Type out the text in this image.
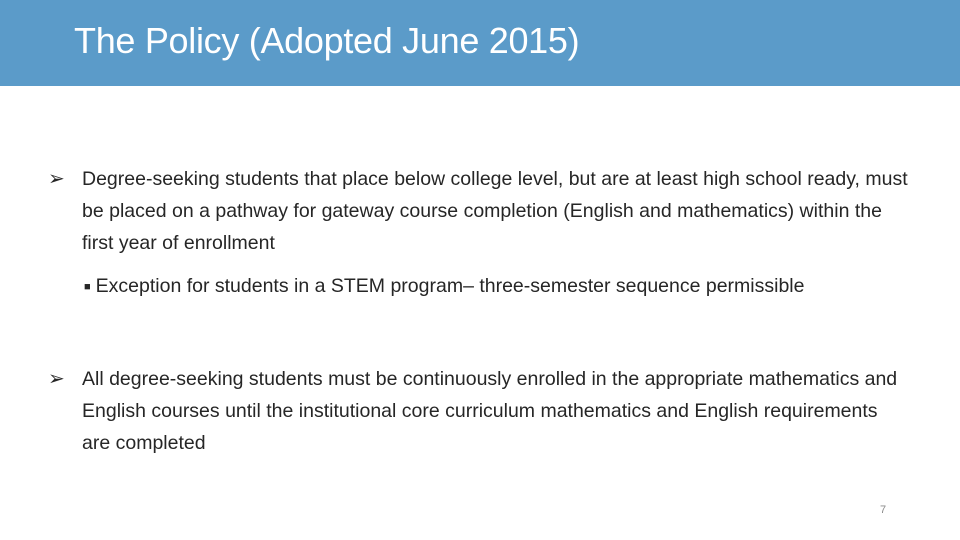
The Policy (Adopted June 2015)
➢ Degree-seeking students that place below college level, but are at least high school ready, must be placed on a pathway for gateway course completion (English and mathematics) within the first year of enrollment
■ Exception for students in a STEM program– three-semester sequence permissible
➢ All degree-seeking students must be continuously enrolled in the appropriate mathematics and English courses until the institutional core curriculum mathematics and English requirements are completed
7
